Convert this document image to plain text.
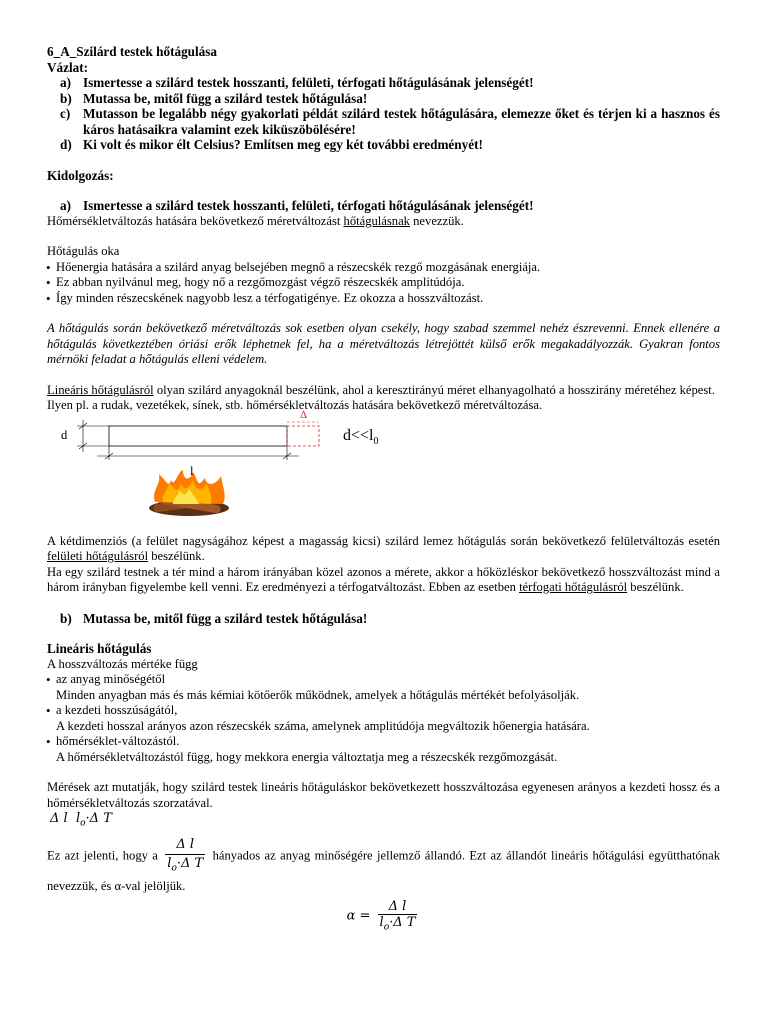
6_A_Szilárd testek hőtágulása
Vázlat:
a) Ismertesse a szilárd testek hosszanti, felületi, térfogati hőtágulásának jelenségét!
b) Mutassa be, mitől függ a szilárd testek hőtágulása!
c) Mutasson be legalább négy gyakorlati példát szilárd testek hőtágulására, elemezze őket és térjen ki a hasznos és káros hatásaikra valamint ezek kiküszöbölésére!
d) Ki volt és mikor élt Celsius? Említsen meg egy két további eredményét!
Kidolgozás:
a) Ismertesse a szilárd testek hosszanti, felületi, térfogati hőtágulásának jelenségét!
Hőmérsékletváltozás hatására bekövetkező méretváltozást hőtágulásnak nevezzük.
Hőtágulás oka
• Hőenergia hatására a szilárd anyag belsejében megnő a részecskék rezgő mozgásának energiája.
• Ez abban nyilvánul meg, hogy nő a rezgőmozgást végző részecskék amplitúdója.
• Így minden részecskének nagyobb lesz a térfogatigénye. Ez okozza a hosszváltozást.
A hőtágulás során bekövetkező méretváltozás sok esetben olyan csekély, hogy szabad szemmel nehéz észrevenni. Ennek ellenére a hőtágulás következtében óriási erők léphetnek fel, ha a méretváltozás létrejöttét külső erők megakadályozzák. Gyakran fontos mérnöki feladat a hőtágulás elleni védelem.
Lineáris hőtágulásról olyan szilárd anyagoknál beszélünk, ahol a keresztirányú méret elhanyagolható a hosszirány méretéhez képest.
Ilyen pl. a rudak, vezetékek, sínek, stb. hőmérsékletváltozás hatására bekövetkező méretváltozása.
d
l
Δ
$d<<l_0$
A kétdimenziós (a felület nagyságához képest a magasság kicsi) szilárd lemez hőtágulás során bekövetkező felületváltozás esetén felületi hőtágulásról beszélünk.
Ha egy szilárd testnek a tér mind a három irányában közel azonos a mérete, akkor a hőközléskor bekövetkező hosszváltozást mind a három irányban figyelembe kell venni. Ez eredményezi a térfogatváltozást. Ebben az esetben térfogati hőtágulásról beszélünk.
b) Mutassa be, mitől függ a szilárd testek hőtágulása!
Lineáris hőtágulás
A hosszváltozás mértéke függ
• az anyag minőségétől
Minden anyagban más és más kémiai kötőerők működnek, amelyek a hőtágulás mértékét befolyásolják.
• a kezdeti hosszúságától,
A kezdeti hosszal arányos azon részecskék száma, amelynek amplitúdója megváltozik hőenergia hatására.
• hőmérséklet-változástól.
A hőmérsékletváltozástól függ, hogy mekkora energia változtatja meg a részecskék rezgőmozgását.
Mérések azt mutatják, hogy szilárd testek lineáris hőtáguláskor bekövetkezett hosszváltozása egyenesen arányos a kezdeti hossz és a hőmérsékletváltozás szorzatával.
Δ l $l_o\cdot\Delta$ T
Ez azt jelenti, hogy a $\frac{\text{Δ l}}{l_o\cdot\Delta T}$ hányados az anyag minőségére jellemző állandó. Ezt az állandót lineáris hőtágulási együtthatónak nevezzük, és α-val jelöljük.
$\alpha = \frac{\text{Δ l}}{l_o\cdot\Delta T}$
